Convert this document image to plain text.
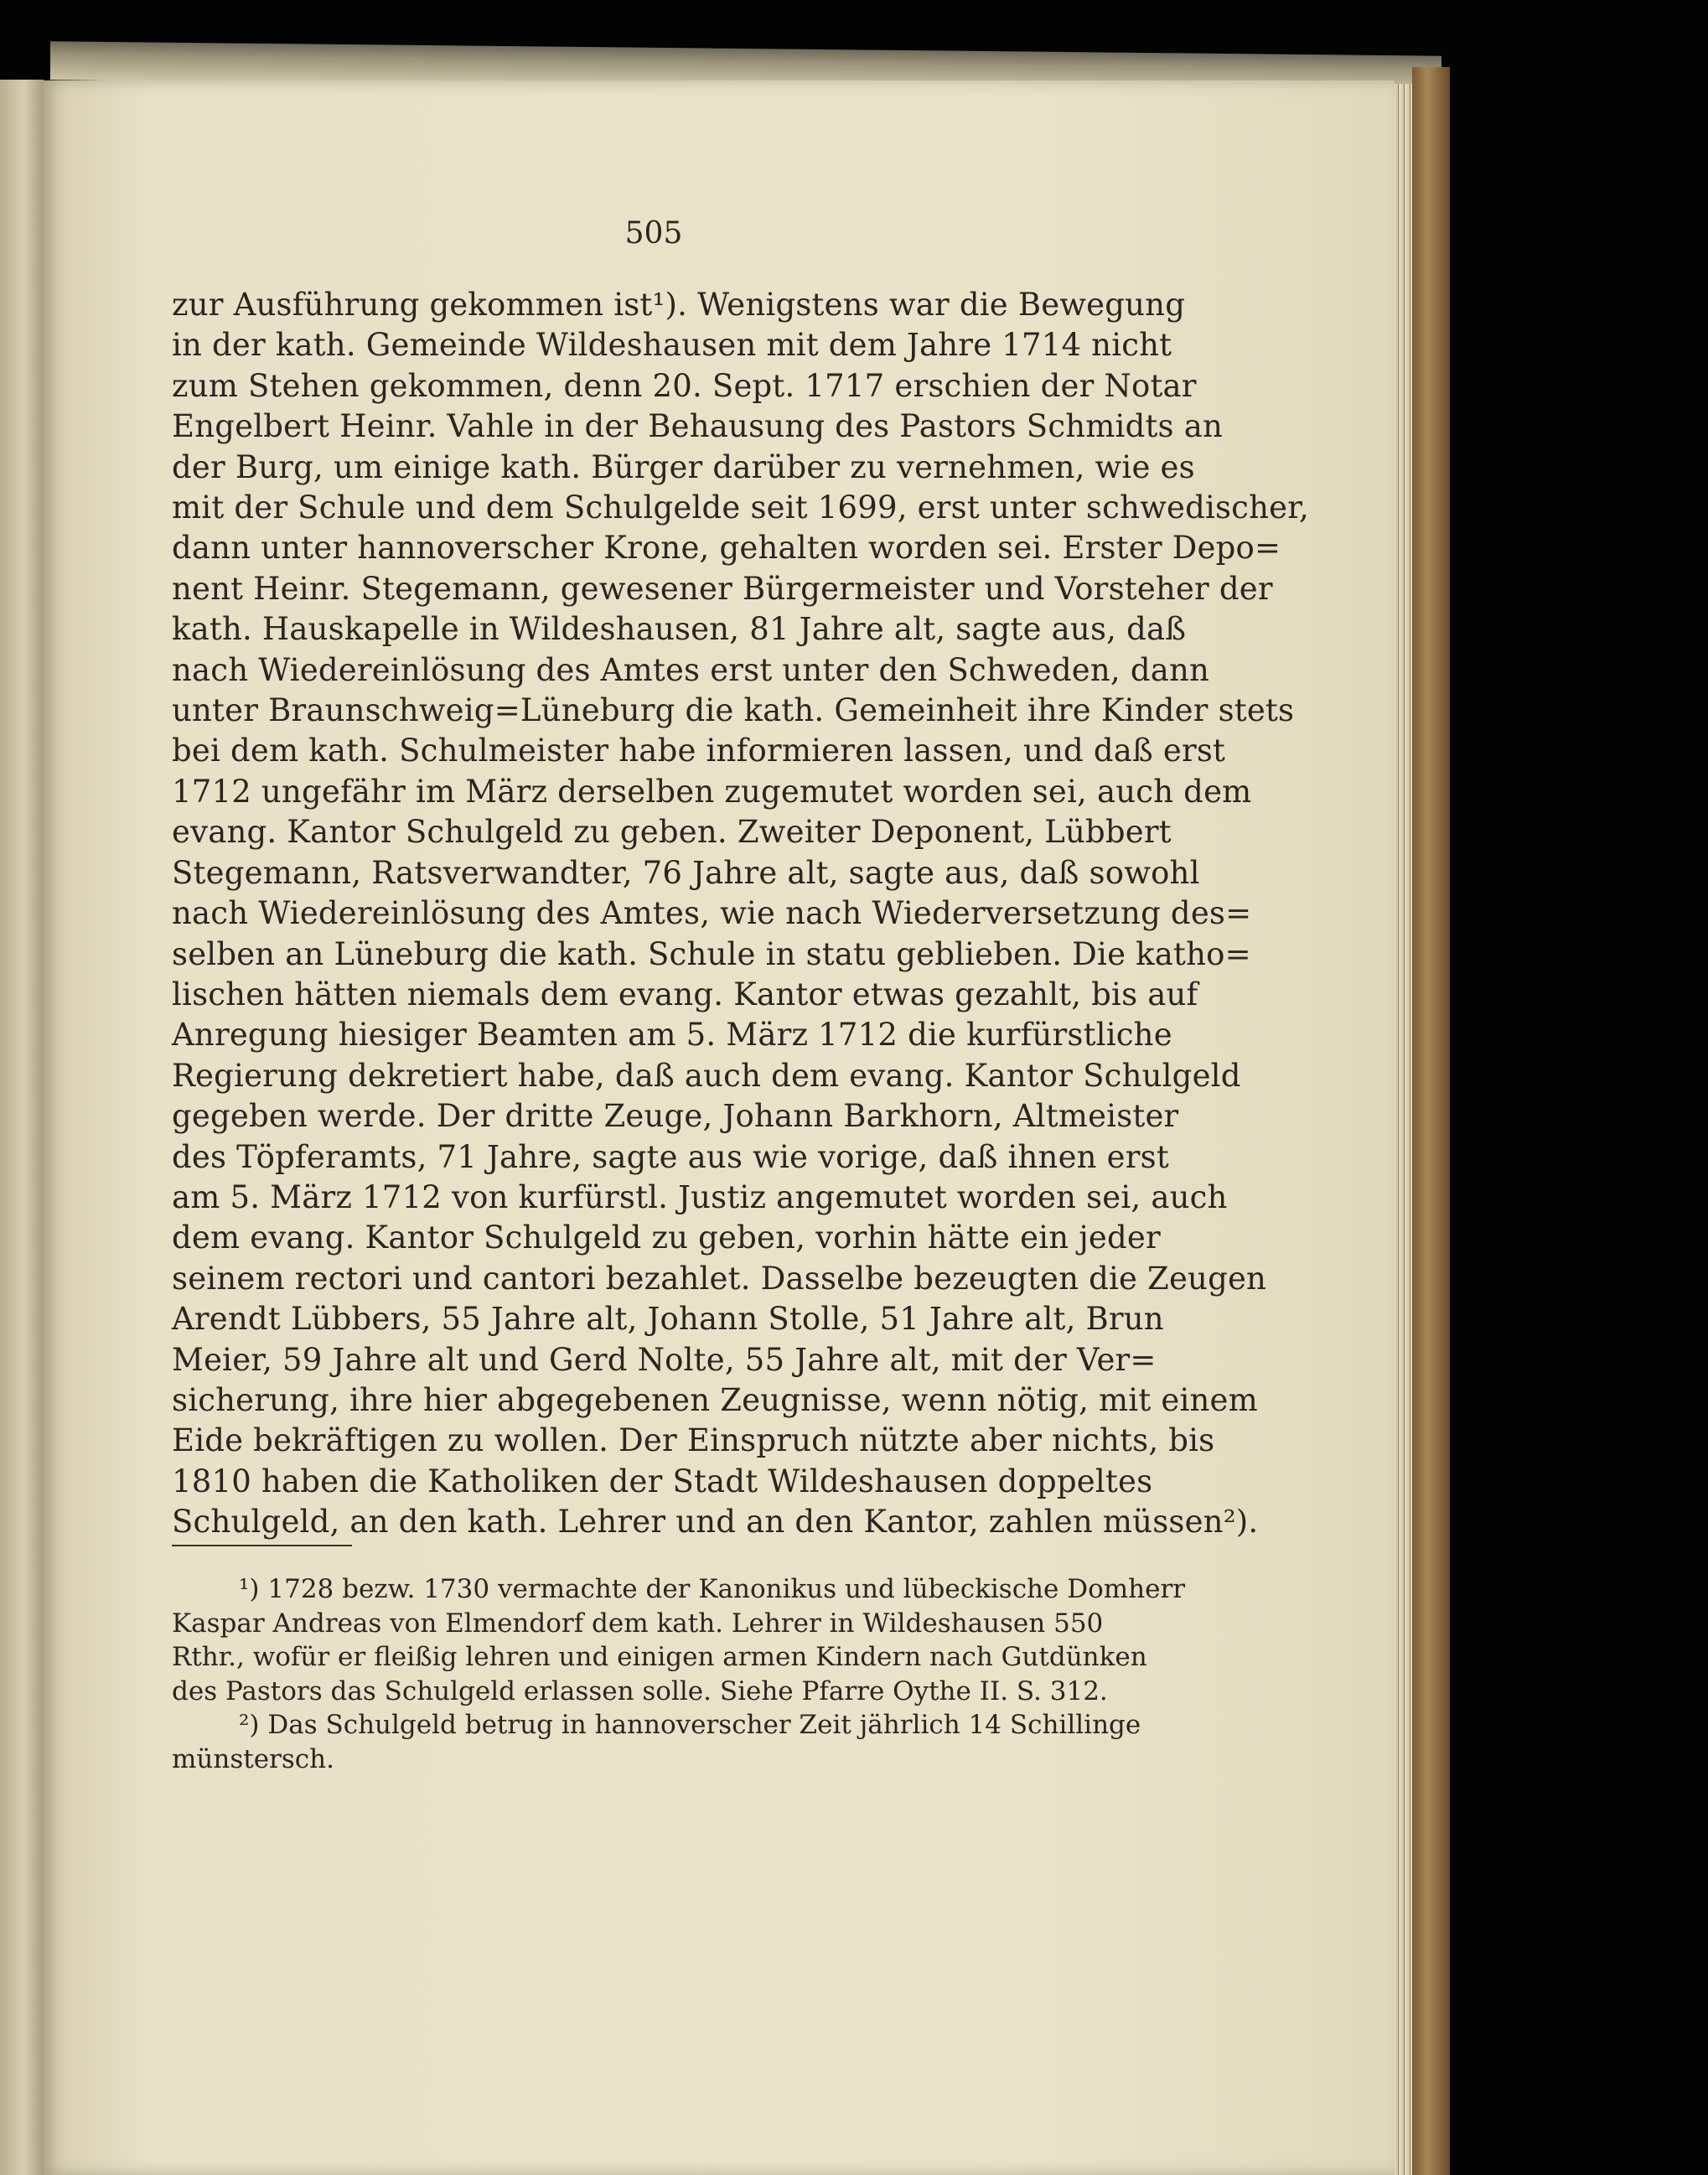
505
zur Ausführung gekommen ist¹). Wenigstens war die Bewegung
in der kath. Gemeinde Wildeshausen mit dem Jahre 1714 nicht
zum Stehen gekommen, denn 20. Sept. 1717 erschien der Notar
Engelbert Heinr. Vahle in der Behausung des Pastors Schmidts an
der Burg, um einige kath. Bürger darüber zu vernehmen, wie es
mit der Schule und dem Schulgelde seit 1699, erst unter schwedischer,
dann unter hannoverscher Krone, gehalten worden sei. Erster Depo=
nent Heinr. Stegemann, gewesener Bürgermeister und Vorsteher der
kath. Hauskapelle in Wildeshausen, 81 Jahre alt, sagte aus, daß
nach Wiedereinlösung des Amtes erst unter den Schweden, dann
unter Braunschweig=Lüneburg die kath. Gemeinheit ihre Kinder stets
bei dem kath. Schulmeister habe informieren lassen, und daß erst
1712 ungefähr im März derselben zugemutet worden sei, auch dem
evang. Kantor Schulgeld zu geben. Zweiter Deponent, Lübbert
Stegemann, Ratsverwandter, 76 Jahre alt, sagte aus, daß sowohl
nach Wiedereinlösung des Amtes, wie nach Wiederversetzung des=
selben an Lüneburg die kath. Schule in statu geblieben. Die katho=
lischen hätten niemals dem evang. Kantor etwas gezahlt, bis auf
Anregung hiesiger Beamten am 5. März 1712 die kurfürstliche
Regierung dekretiert habe, daß auch dem evang. Kantor Schulgeld
gegeben werde. Der dritte Zeuge, Johann Barkhorn, Altmeister
des Töpferamts, 71 Jahre, sagte aus wie vorige, daß ihnen erst
am 5. März 1712 von kurfürstl. Justiz angemutet worden sei, auch
dem evang. Kantor Schulgeld zu geben, vorhin hätte ein jeder
seinem rectori und cantori bezahlet. Dasselbe bezeugten die Zeugen
Arendt Lübbers, 55 Jahre alt, Johann Stolle, 51 Jahre alt, Brun
Meier, 59 Jahre alt und Gerd Nolte, 55 Jahre alt, mit der Ver=
sicherung, ihre hier abgegebenen Zeugnisse, wenn nötig, mit einem
Eide bekräftigen zu wollen. Der Einspruch nützte aber nichts, bis
1810 haben die Katholiken der Stadt Wildeshausen doppeltes
Schulgeld, an den kath. Lehrer und an den Kantor, zahlen müssen²).
¹) 1728 bezw. 1730 vermachte der Kanonikus und lübeckische Domherr
Kaspar Andreas von Elmendorf dem kath. Lehrer in Wildeshausen 550
Rthr., wofür er fleißig lehren und einigen armen Kindern nach Gutdünken
des Pastors das Schulgeld erlassen solle. Siehe Pfarre Oythe II. S. 312.
²) Das Schulgeld betrug in hannoverscher Zeit jährlich 14 Schillinge
münstersch.
